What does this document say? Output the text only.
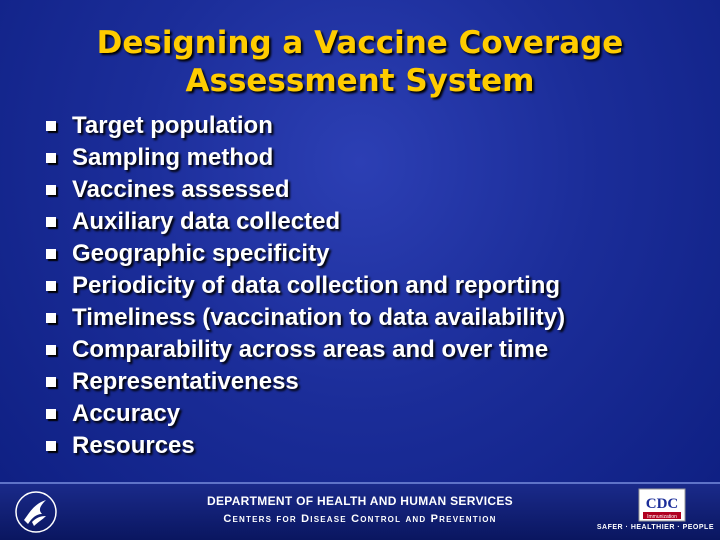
Designing a Vaccine Coverage
Assessment System
Target population
Sampling method
Vaccines assessed
Auxiliary data collected
Geographic specificity
Periodicity of data collection and reporting
Timeliness (vaccination to data availability)
Comparability across areas and over time
Representativeness
Accuracy
Resources
DEPARTMENT OF HEALTH AND HUMAN SERVICES
Centers for Disease Control and Prevention
CDC
Immunization
SAFER · HEALTHIER · PEOPLE
